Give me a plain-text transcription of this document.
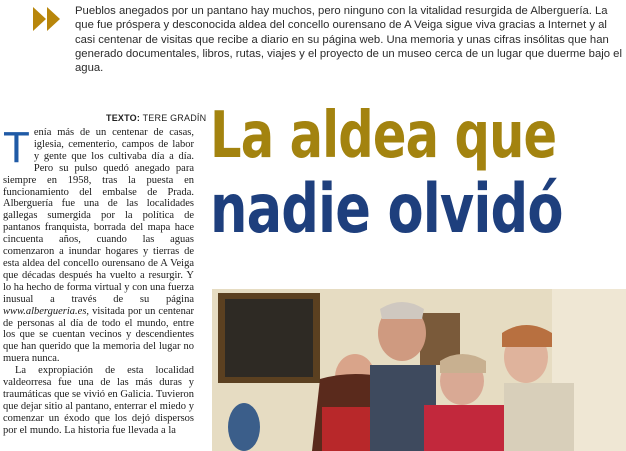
Pueblos anegados por un pantano hay muchos, pero ninguno con la vitalidad resurgida de Alberguería. La que fue próspera y desconocida aldea del concello ourensano de A Veiga sigue viva gracias a Internet y al casi centenar de visitas que recibe a diario en su página web. Una memoria y unas cifras insólitas que han generado documentales, libros, rutas, viajes y el proyecto de un museo cerca de un lugar que duerme bajo el agua.

TEXTO: TERE GRADÍN

Tenía más de un centenar de casas, iglesia, cementerio, campos de labor y gente que los cultivaba día a día. Pero su pulso quedó anegado para siempre en 1958, tras la puesta en funcionamiento del embalse de Prada. Alberguería fue una de las localidades gallegas sumergida por la política de pantanos franquista, borrada del mapa hace cincuenta años, cuando las aguas comenzaron a inundar hogares y tierras de esta aldea del concello ourensano de A Veiga que décadas después ha vuelto a resurgir. Y lo ha hecho de forma virtual y con una fuerza inusual a través de su página www.albergueria.es, visitada por un centenar de personas al día de todo el mundo, entre los que se cuentan vecinos y descendientes que han querido que la memoria del lugar no muera nunca.

La expropiación de esta localidad valdeorresa fue una de las más duras y traumáticas que se vivió en Galicia. Tuvieron que dejar sitio al pantano, enterrar el miedo y comenzar un éxodo que los dejó dispersos por el mundo. La historia fue llevada a la

La aldea que
nadie olvidó
